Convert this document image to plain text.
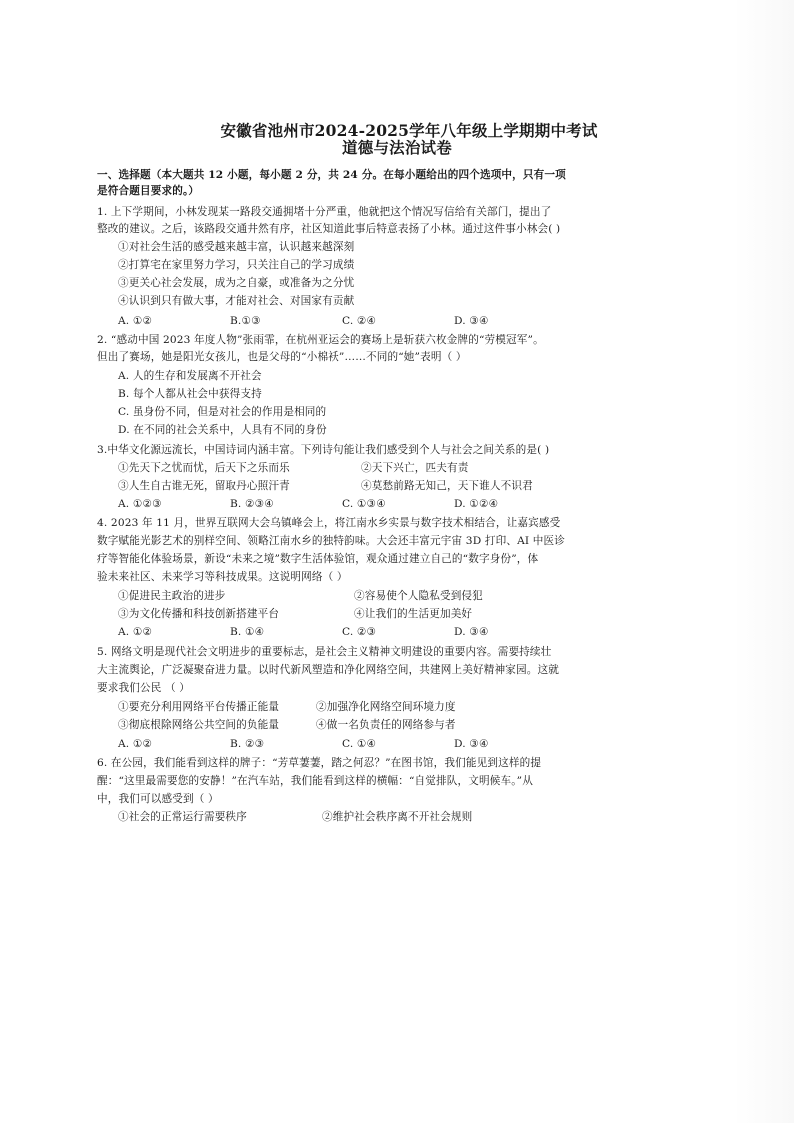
安徽省池州市2024-2025学年八年级上学期期中考试
道德与法治试卷
一、选择题（本大题共 12 小题，每小题 2 分，共 24 分。在每小题给出的四个选项中，只有一项
是符合题目要求的。）
1. 上下学期间，小林发现某一路段交通拥堵十分严重，他就把这个情况写信给有关部门，提出了
整改的建议。之后，该路段交通井然有序，社区知道此事后特意表扬了小林。通过这件事小林会( )
①对社会生活的感受越来越丰富，认识越来越深刻
②打算宅在家里努力学习，只关注自己的学习成绩
③更关心社会发展，成为之自豪，或准备为之分忧
④认识到只有做大事，才能对社会、对国家有贡献
A. ①②	B.①③	C. ②④	D. ③④
2. “感动中国 2023 年度人物”张雨霏，在杭州亚运会的赛场上是斩获六枚金牌的“劳模冠军”。
但出了赛场，她是阳光女孩儿，也是父母的“小棉袄”……不同的“她”表明（ ）
A. 人的生存和发展离不开社会
B. 每个人都从社会中获得支持
C. 虽身份不同，但是对社会的作用是相同的
D. 在不同的社会关系中，人具有不同的身份
3.中华文化源远流长，中国诗词内涵丰富。下列诗句能让我们感受到个人与社会之间关系的是( )
①先天下之忧而忧，后天下之乐而乐	②天下兴亡，匹夫有责
③人生自古谁无死，留取丹心照汗青	④莫愁前路无知己，天下谁人不识君
A. ①②③	B. ②③④	C. ①③④	D. ①②④
4. 2023 年 11 月，世界互联网大会乌镇峰会上，将江南水乡实景与数字技术相结合，让嘉宾感受
数字赋能光影艺术的别样空间、领略江南水乡的独特韵味。大会还丰富元宇宙 3D 打印、AI 中医诊
疗等智能化体验场景，新设“未来之境”数字生活体验馆，观众通过建立自己的“数字身份”，体
验未来社区、未来学习等科技成果。这说明网络（ ）
①促进民主政治的进步	②容易使个人隐私受到侵犯
③为文化传播和科技创新搭建平台	④让我们的生活更加美好
A. ①②	B. ①④	C. ②③	D. ③④
5. 网络文明是现代社会文明进步的重要标志，是社会主义精神文明建设的重要内容。需要持续壮
大主流舆论，广泛凝聚奋进力量。以时代新风塑造和净化网络空间，共建网上美好精神家园。这就
要求我们公民 （ ）
①要充分利用网络平台传播正能量	②加强净化网络空间环境力度
③彻底根除网络公共空间的负能量	④做一名负责任的网络参与者
A. ①②	B. ②③	C. ①④	D. ③④
6. 在公园，我们能看到这样的牌子：“芳草萋萋，踏之何忍？”在图书馆，我们能见到这样的提
醒：“这里最需要您的安静！”在汽车站，我们能看到这样的横幅：“自觉排队，文明候车。”从
中，我们可以感受到（ ）
①社会的正常运行需要秩序	②维护社会秩序离不开社会规则
